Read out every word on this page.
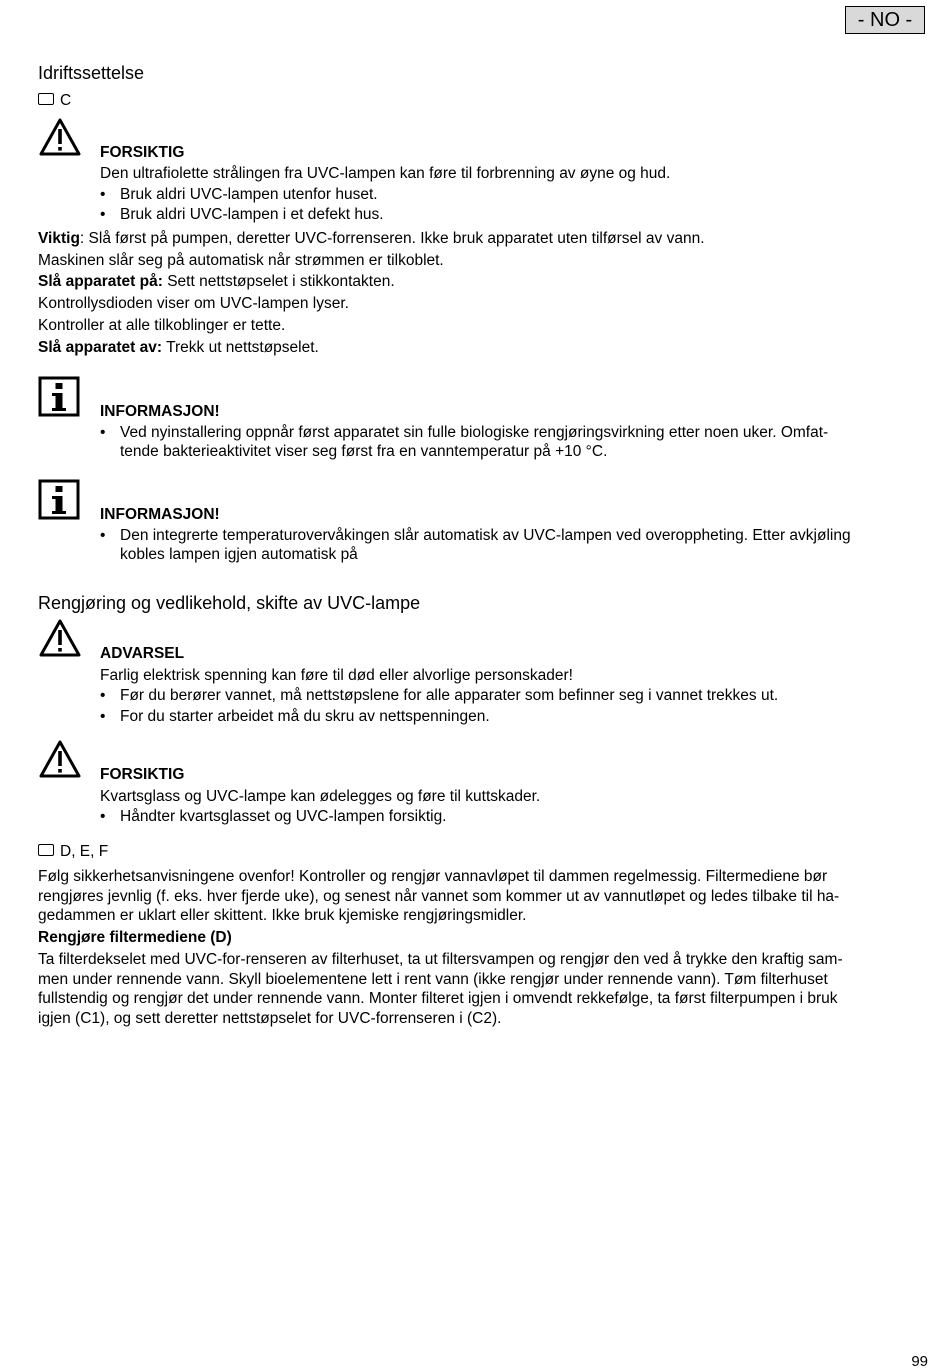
- NO -
Idriftssettelse
C
FORSIKTIG
Den ultrafiolette strålingen fra UVC-lampen kan føre til forbrenning av øyne og hud.
• Bruk aldri UVC-lampen utenfor huset.
• Bruk aldri UVC-lampen i et defekt hus.
Viktig: Slå først på pumpen, deretter UVC-forrenseren. Ikke bruk apparatet uten tilførsel av vann.
Maskinen slår seg på automatisk når strømmen er tilkoblet.
Slå apparatet på: Sett nettstøpselet i stikkontakten.
Kontrollysdioden viser om UVC-lampen lyser.
Kontroller at alle tilkoblinger er tette.
Slå apparatet av: Trekk ut nettstøpselet.
INFORMASJON!
• Ved nyinstallering oppnår først apparatet sin fulle biologiske rengjøringsvirkning etter noen uker. Omfat-
tende bakterieaktivitet viser seg først fra en vanntemperatur på +10 °C.
INFORMASJON!
• Den integrerte temperaturovervåkingen slår automatisk av UVC-lampen ved overoppheting. Etter avkjøling
kobles lampen igjen automatisk på
Rengjøring og vedlikehold, skifte av UVC-lampe
ADVARSEL
Farlig elektrisk spenning kan føre til død eller alvorlige personskader!
• Før du berører vannet, må nettstøpslene for alle apparater som befinner seg i vannet trekkes ut.
• For du starter arbeidet må du skru av nettspenningen.
FORSIKTIG
Kvartsglass og UVC-lampe kan ødelegges og føre til kuttskader.
• Håndter kvartsglasset og UVC-lampen forsiktig.
D, E, F
Følg sikkerhetsanvisningene ovenfor! Kontroller og rengjør vannavløpet til dammen regelmessig. Filtermediene bør
rengjøres jevnlig (f. eks. hver fjerde uke), og senest når vannet som kommer ut av vannutløpet og ledes tilbake til ha-
gedammen er uklart eller skittent. Ikke bruk kjemiske rengjøringsmidler.
Rengjøre filtermediene (D)
Ta filterdekselet med UVC-for-renseren av filterhuset, ta ut filtersvampen og rengjør den ved å trykke den kraftig sam-
men under rennende vann. Skyll bioelementene lett i rent vann (ikke rengjør under rennende vann). Tøm filterhuset
fullstendig og rengjør det under rennende vann. Monter filteret igjen i omvendt rekkefølge, ta først filterpumpen i bruk
igjen (C1), og sett deretter nettstøpselet for UVC-forrenseren i (C2).
99
